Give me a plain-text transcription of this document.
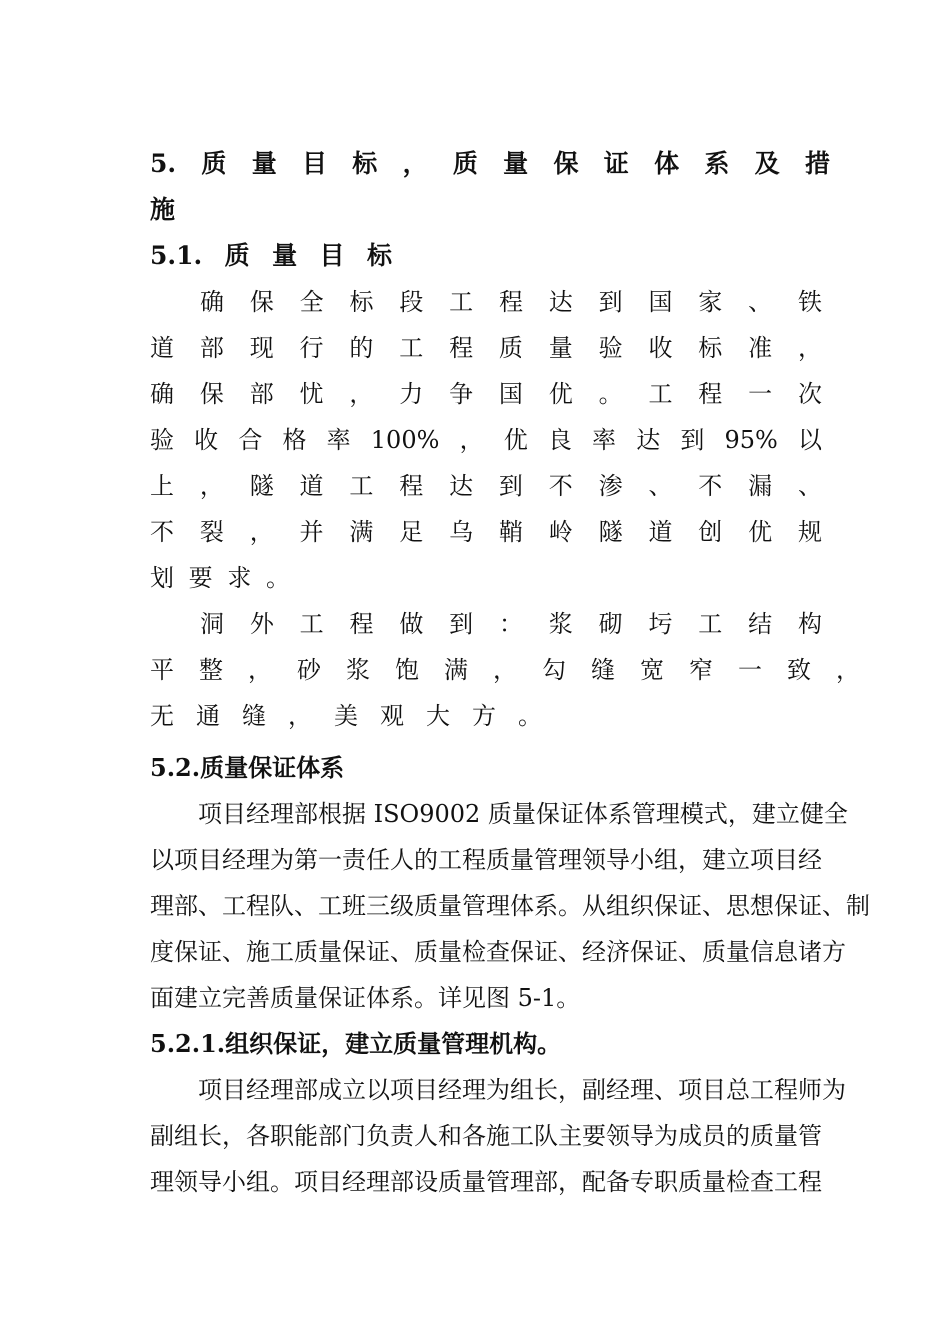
5. 质 量 目 标 ， 质 量 保 证 体 系 及 措
施
5.1. 质 量 目 标
确 保 全 标 段 工 程 达 到 国 家 、 铁
道 部 现 行 的 工 程 质 量 验 收 标 准 ，
确 保 部 忧 ， 力 争 国 优 。 工 程 一 次
验 收 合 格 率 100% ， 优 良 率 达 到 95% 以
上 ， 隧 道 工 程 达 到 不 渗 、 不 漏 、
不 裂 ， 并 满 足 乌 鞘 岭 隧 道 创 优 规
划 要 求 。
洞 外 工 程 做 到 ： 浆 砌 圬 工 结 构
平 整 ， 砂 浆 饱 满 ， 勾 缝 宽 窄 一 致 ，
无 通 缝 ， 美 观 大 方 。
5.2.质量保证体系
项目经理部根据 ISO9002 质量保证体系管理模式，建立健全
以项目经理为第一责任人的工程质量管理领导小组，建立项目经
理部、工程队、工班三级质量管理体系。从组织保证、思想保证、制
度保证、施工质量保证、质量检查保证、经济保证、质量信息诸方
面建立完善质量保证体系。详见图 5-1。
5.2.1.组织保证，建立质量管理机构。
项目经理部成立以项目经理为组长，副经理、项目总工程师为
副组长，各职能部门负责人和各施工队主要领导为成员的质量管
理领导小组。项目经理部设质量管理部，配备专职质量检查工程
